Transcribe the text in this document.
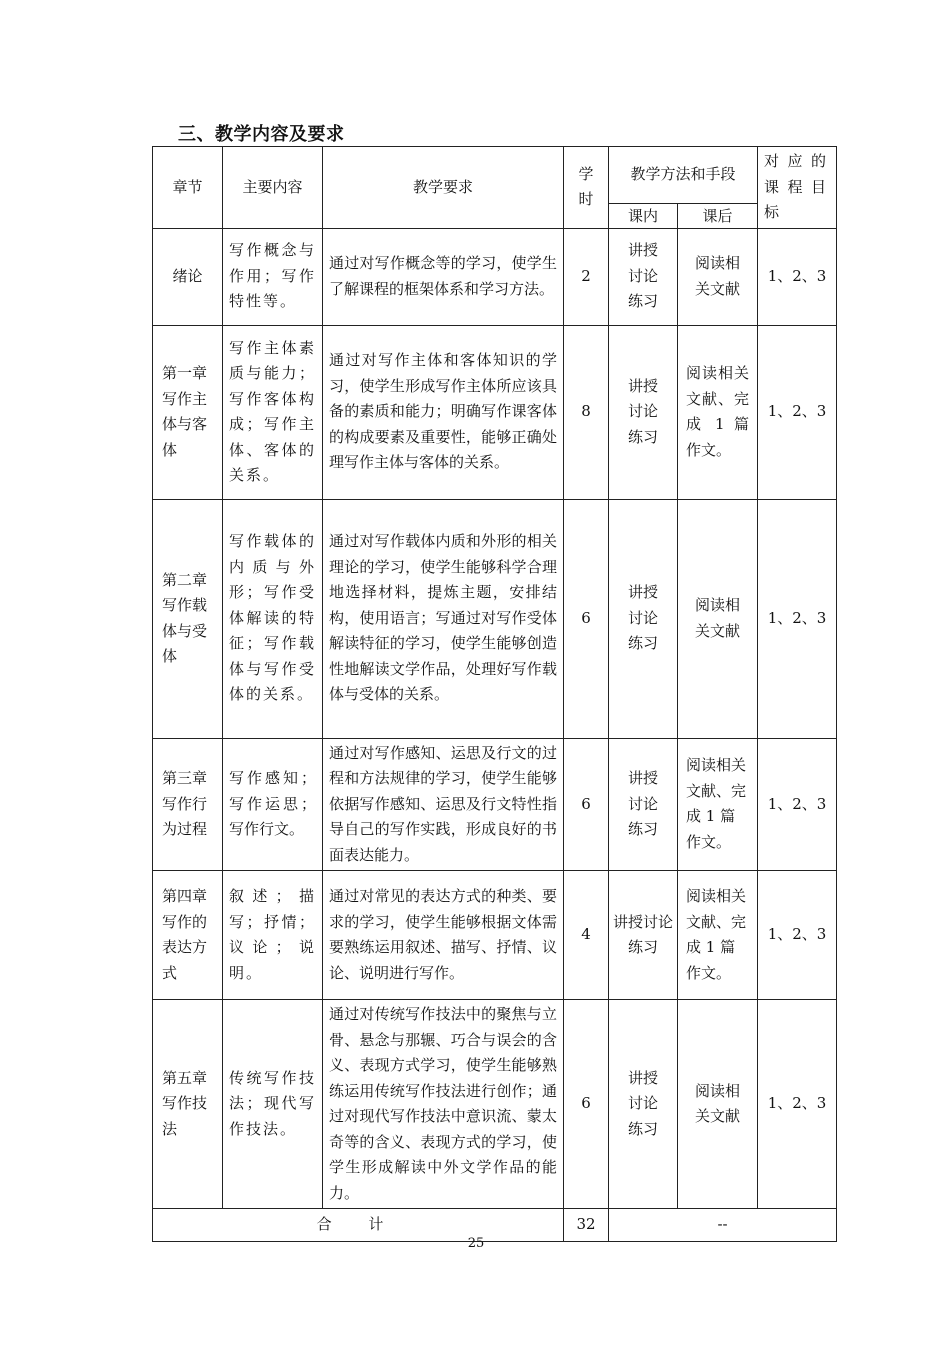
三、教学内容及要求
章节	主要内容	教学要求	学时	教学方法和手段		对应的课程目标
				课内	课后	
绪论	写作概念与作用；写作特性等。	通过对写作概念等的学习，使学生了解课程的框架体系和学习方法。	2	讲授讨论练习	阅读相关文献	1、2、3
第一章写作主体与客体	写作主体素质与能力；写作客体构成；写作主体、客体的关系。	通过对写作主体和客体知识的学习，使学生形成写作主体所应该具备的素质和能力；明确写作课客体的构成要素及重要性，能够正确处理写作主体与客体的关系。	8	讲授讨论练习	阅读相关文献、完成 1 篇作文。	1、2、3
第二章写作载体与受体	写作载体的内质与外形；写作受体解读的特征；写作载体与写作受体的关系。	通过对写作载体内质和外形的相关理论的学习，使学生能够科学合理地选择材料，提炼主题，安排结构，使用语言；写通过对写作受体解读特征的学习，使学生能够创造性地解读文学作品，处理好写作载体与受体的关系。	6	讲授讨论练习	阅读相关文献	1、2、3
第三章写作行为过程	写作感知；写作运思；写作行文。	通过对写作感知、运思及行文的过程和方法规律的学习，使学生能够依据写作感知、运思及行文特性指导自己的写作实践，形成良好的书面表达能力。	6	讲授讨论练习	阅读相关文献、完成 1 篇作文。	1、2、3
第四章写作的表达方式	叙述；描写；抒情；议论；说明。	通过对常见的表达方式的种类、要求的学习，使学生能够根据文体需要熟练运用叙述、描写、抒情、议论、说明进行写作。	4	讲授讨论练习	阅读相关文献、完成 1 篇作文。	1、2、3
第五章写作技法	传统写作技法；现代写作技法。	通过对传统写作技法中的聚焦与立骨、悬念与那辗、巧合与误会的含义、表现方式学习，使学生能够熟练运用传统写作技法进行创作；通过对现代写作技法中意识流、蒙太奇等的含义、表现方式的学习，使学生形成解读中外文学作品的能力。	6	讲授讨论练习	阅读相关文献	1、2、3
合 计			32	--		
25
